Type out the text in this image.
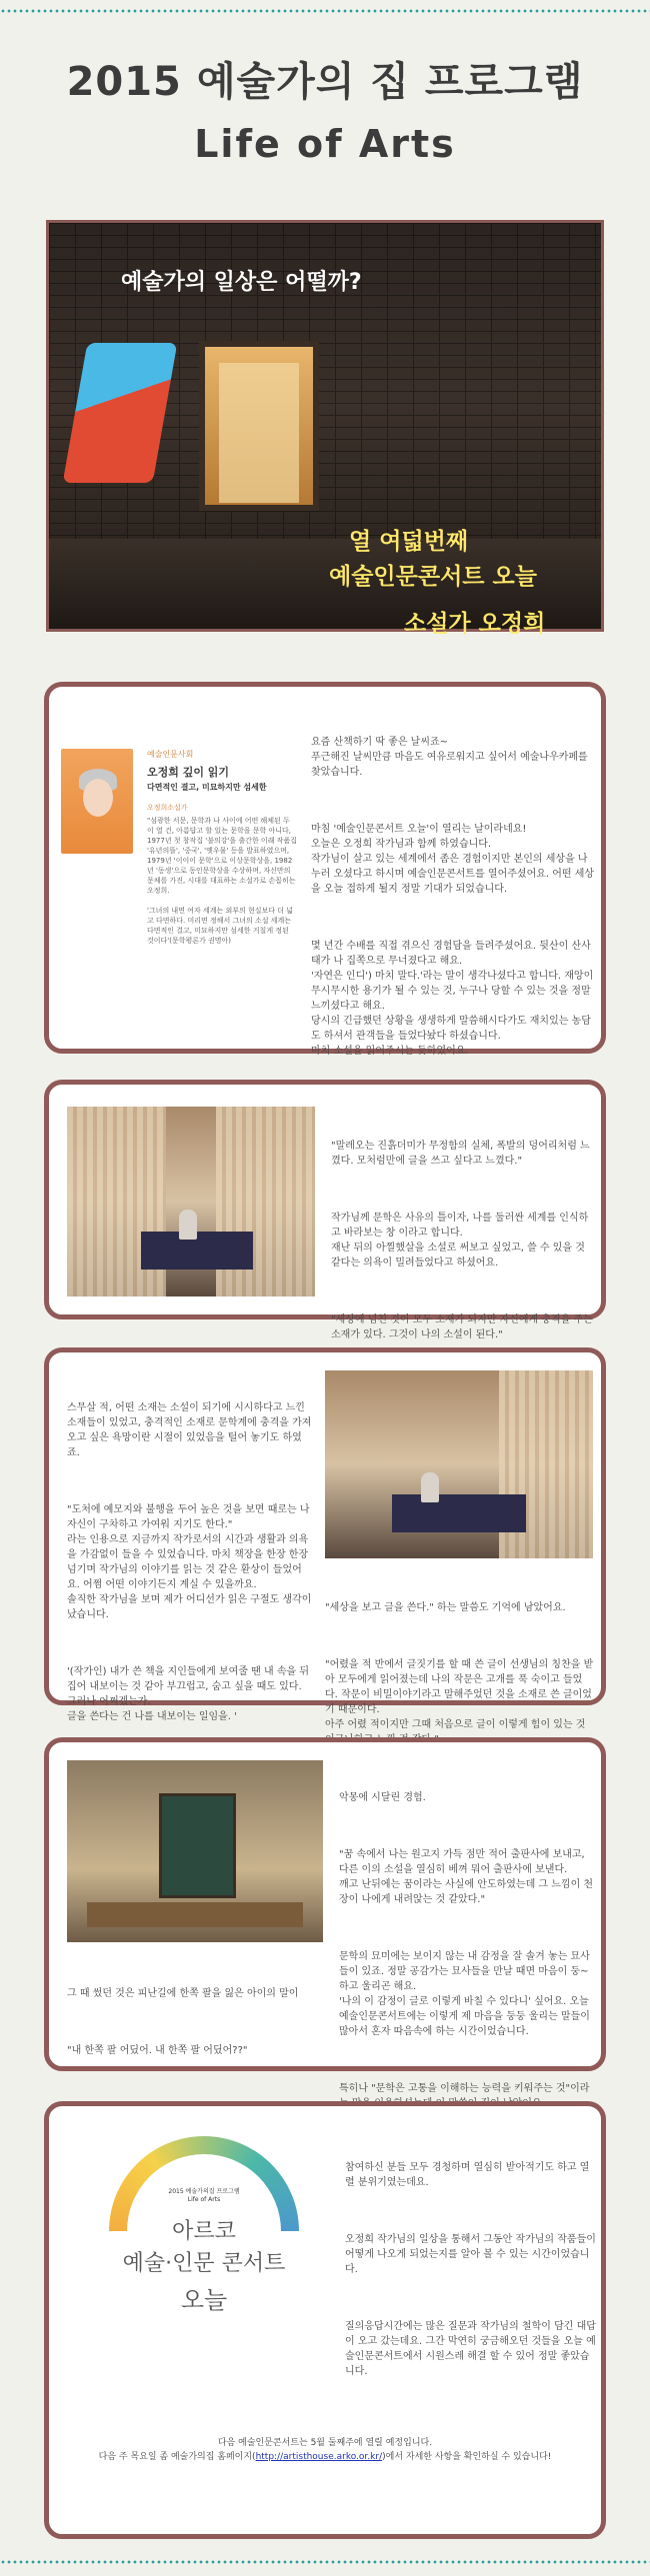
2015 예술가의 집 프로그램
Life of Arts
예술가의 일상은 어떨까?
열 여덟번째
예술인문콘서트 오늘
소설가 오정희
예술인문사회
오정희 깊이 읽기
다면적인 결고, 미묘하지만 섬세한
오정희소설가
"섬광한 서문, 문학과 나 사이에 어떤 해체된 두 이 열 건, 아름답고 할 있는 문학을 문학 아니다, 1977년 첫 창작집 '불의강'을 출간한 이래 작품집 '유년의뜰', '중국', '옛우물' 등을 발표하였으며, 1979년 '이이이 문학'으로 이상문학상을, 1982년 '동생'으로 동인문학상을 수상하며, 자신만의 문체를 가진, 시대를 대표하는 소설가로 손꼽히는 오정희.

'그녀의 내면 여자 세계는 외부의 현실보다 더 넓고 다면하다. 미리면 정해서 그녀의 소설 세계는 다면적인 결고, 미묘하지만 섬세한 거칠게 정된 것이다'(문학평론가 권명아)

요즘 산책하기 딱 좋은 날씨죠~
푸근해진 날씨만큼 마음도 여유로워지고 싶어서 예술나우카페를 찾았습니다.

마침 '예술인문콘서트 오늘'이 열리는 날이라네요!
오늘은 오정희 작가님과 함께 하였습니다.
작가님이 살고 있는 세계에서 좀은 경험이지만 본인의 세상을 나누러 오셨다고 하시며 예술인문콘서트를 열어주셨어요. 어떤 세상을 오늘 접하게 될지 정말 기대가 되었습니다.

몇 년간 수배를 직접 겪으신 경험담을 들려주셨어요. 뒷산이 산사태가 나 집쪽으로 무너졌다고 해요.
'자연은 인디') 마치 말다.'라는 말이 생각나셨다고 합니다. 재앙이 무시무시한 용기가 될 수 있는 것, 누구나 당할 수 있는 것을 정말 느끼셨다고 해요.
당시의 긴급했던 상황을 생생하게 말씀해시다가도 재치있는 농담도 하셔서 관객들을 들었다놨다 하셨습니다.
마치 소설을 읽어주시는 듯하였어요.

"말레오는 진흙더미가 무정함의 실체, 폭발의 덩어리처럼 느꼈다. 모처럼만에 글을 쓰고 싶다고 느꼈다."

작가님께 문학은 사유의 틀이자, 나를 둘러싼 세계를 인식하고 바라보는 창 이라고 합니다.
재난 뒤의 아찔했살을 소설로 써보고 싶었고, 쓸 수 있을 것 같다는 의욕이 밀려들었다고 하셨어요.

"세상에 넘친 것이 모두 소재가 되지만 자신에게 충격을 주는 소재가 있다. 그것이 나의 소설이 된다."

스무살 적, 어떤 소재는 소설이 되기에 시시하다고 느낀 소재들이 있었고, 충격적인 소재로 문학계에 충격을 가져오고 싶은 욕망이란 시절이 있었음을 털어 놓기도 하였죠.

"도처에 예모지와 불행을 두어 높은 것을 보면 때로는 나 자신이 구차하고 가여워 지기도 한다."
라는 인용으로 지금까지 작가로서의 시간과 생활과 의욕을 가감없이 들을 수 있었습니다. 마치 책장을 한장 한장 넘기며 작가님의 이야기를 읽는 것 같은 환상이 들었어요. 어쩜 어떤 이야기든지 계실 수 있을까요.
솔직한 작가님을 보며 제가 어디선가 읽은 구절도 생각이 났습니다.

'(작가인) 내가 쓴 책을 지인들에게 보여줄 땐 내 속을 뒤집어 내보이는 것 같아 부끄럽고, 숨고 싶을 때도 있다.
그러나 어쩌겠는가.
글을 쓴다는 건 나를 내보이는 일임을. '

"세상을 보고 글을 쓴다." 하는 말씀도 기억에 남았어요.

"어렸을 적 반에서 글짓기를 할 때 쓴 글이 선생님의 칭찬을 받아 모두에게 읽어졌는데 나의 작문은 고개를 푹 숙이고 들었다. 작문이 비밀이야기라고 말해주었던 것을 소재로 쓴 글이었기 때문이다.
아주 어렸 적이지만 그때 처음으로 글이 이렇게 힘이 있는 것

그 때 썼던 것은 피난길에 한쪽 팔을 잃은 아이의 말이

"내 한쪽 팔 어딨어. 내 한쪽 팔 어딨어??"

악몽에 시달린 경험.

"꿈 속에서 나는 원고지 가득 점만 적어 출판사에 보내고, 다른 이의 소설을 열심히 베껴 뭐어 출판사에 보낸다.
깨고 난뒤에는 꿈이라는 사실에 안도하였는데 그 느낌이 천장이 나에게 내려앉는 것 같았다."

문학의 묘미에는 보이지 않는 내 감정을 잘 솔겨 놓는 묘사들이 있죠. 정말 공감가는 묘사들을 만날 때면 마음이 둥~하고 울리곤 해요.
'나의 이 감정이 글로 이렇게 바칠 수 있다니' 싶어요. 오늘 예술인문콘서트에는 이렇게 제 마음을 둥둥 울리는 말들이 많아서 혼자 따음속에 하는 시간이었습니다.

특히나 "문학은 고통을 이해하는 능력을 키워주는 것"이라

2015 예술가의집 프로그램
Life of Arts
아르코
예술·인문 콘서트
오늘

참여하신 분들 모두 경청하며 열심히 받아적기도 하고 열렬 분위기였는데요.

오정희 작가님의 일상을 통해서 그동안 작가님의 작품들이 어떻게 나오게 되었는지를 알아 볼 수 있는 시간이었습니다.

질의응답시간에는 많은 질문과 작가님의 철학이 담긴 대답이 오고 갔는데요. 그간 막연히 궁금해오던 것들을 오늘 예술인문콘서트에서 시원스레 해결 할 수 있어 정말 좋았습니다.

다음 예술인문콘서트는 5월 둘째주에 열릴 예정입니다.
다음 주 목요일 좀 예술가의집 홈페이지(http://artisthouse.arko.or.kr/)에서 자세한 사항을 확인하실 수 있습니다!
